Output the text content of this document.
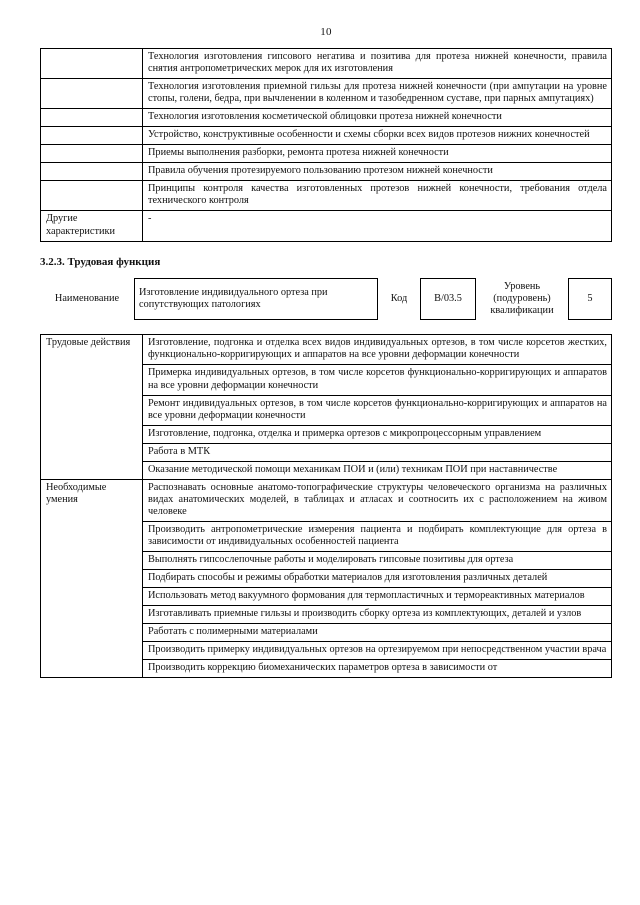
10
	Технология изготовления гипсового негатива и позитива для протеза нижней конечности, правила снятия антропометрических мерок для их изготовления
	Технология изготовления приемной гильзы для протеза нижней конечности (при ампутации на уровне стопы, голени, бедра, при вычленении в коленном и тазобедренном суставе, при парных ампутациях)
	Технология изготовления косметической облицовки протеза нижней конечности
	Устройство, конструктивные особенности и схемы сборки всех видов протезов нижних конечностей
	Приемы выполнения разборки, ремонта протеза нижней конечности
	Правила обучения протезируемого пользованию протезом нижней конечности
	Принципы контроля качества изготовленных протезов нижней конечности, требования отдела технического контроля
Другие характеристики	-
3.2.3. Трудовая функция
Наименование	Изготовление индивидуального ортеза при сопутствующих патологиях	Код	B/03.5	Уровень (подуровень) квалификации	5
Трудовые действия	Изготовление, подгонка и отделка всех видов индивидуальных ортезов, в том числе корсетов жестких, функционально-корригирующих и аппаратов на все уровни деформации конечности
	Примерка индивидуальных ортезов, в том числе корсетов функционально-корригирующих и аппаратов на все уровни деформации конечности
	Ремонт индивидуальных ортезов, в том числе корсетов функционально-корригирующих и аппаратов на все уровни деформации конечности
	Изготовление, подгонка, отделка и примерка ортезов с микропроцессорным управлением
	Работа в МТК
	Оказание методической помощи механикам ПОИ и (или) техникам ПОИ при наставничестве
Необходимые умения	Распознавать основные анатомо-топографические структуры человеческого организма на различных видах анатомических моделей, в таблицах и атласах и соотносить их с расположением на живом человеке
	Производить антропометрические измерения пациента и подбирать комплектующие для ортеза в зависимости от индивидуальных особенностей пациента
	Выполнять гипсослепочные работы и моделировать гипсовые позитивы для ортеза
	Подбирать способы и режимы обработки материалов для изготовления различных деталей
	Использовать метод вакуумного формования для термопластичных и термореактивных материалов
	Изготавливать приемные гильзы и производить сборку ортеза из комплектующих, деталей и узлов
	Работать с полимерными материалами
	Производить примерку индивидуальных ортезов на ортезируемом при непосредственном участии врача
	Производить коррекцию биомеханических параметров ортеза в зависимости от
